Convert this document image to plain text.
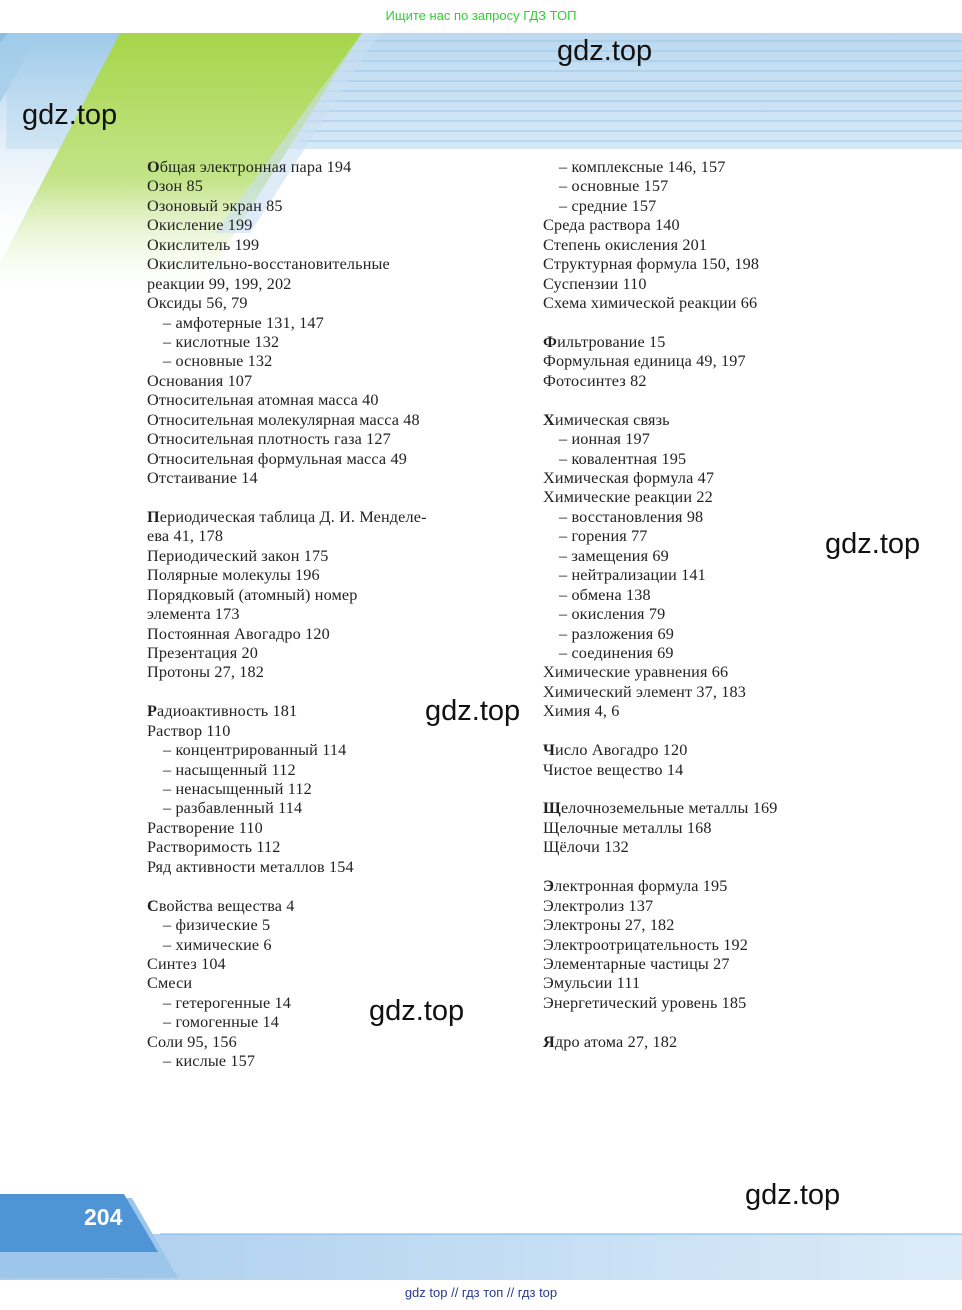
Ищите нас по запросу ГДЗ ТОП
gdz.top
gdz.top
gdz.top
gdz.top
gdz.top
gdz.top
Общая электронная пара 194
Озон 85
Озоновый экран 85
Окисление 199
Окислитель 199
Окислительно-восстановительные
реакции 99, 199, 202
Оксиды 56, 79
– амфотерные 131, 147
– кислотные 132
– основные 132
Основания 107
Относительная атомная масса 40
Относительная молекулярная масса 48
Относительная плотность газа 127
Относительная формульная масса 49
Отстаивание 14
Периодическая таблица Д. И. Менделе-
ева 41, 178
Периодический закон 175
Полярные молекулы 196
Порядковый (атомный) номер
элемента 173
Постоянная Авогадро 120
Презентация 20
Протоны 27, 182
Радиоактивность 181
Раствор 110
– концентрированный 114
– насыщенный 112
– ненасыщенный 112
– разбавленный 114
Растворение 110
Растворимость 112
Ряд активности металлов 154
Свойства вещества 4
– физические 5
– химические 6
Синтез 104
Смеси
– гетерогенные 14
– гомогенные 14
Соли 95, 156
– кислые 157
– комплексные 146, 157
– основные 157
– средние 157
Среда раствора 140
Степень окисления 201
Структурная формула 150, 198
Суспензии 110
Схема химической реакции 66
Фильтрование 15
Формульная единица 49, 197
Фотосинтез 82
Химическая связь
– ионная 197
– ковалентная 195
Химическая формула 47
Химические реакции 22
– восстановления 98
– горения 77
– замещения 69
– нейтрализации 141
– обмена 138
– окисления 79
– разложения 69
– соединения 69
Химические уравнения 66
Химический элемент 37, 183
Химия 4, 6
Число Авогадро 120
Чистое вещество 14
Щелочноземельные металлы 169
Щелочные металлы 168
Щёлочи 132
Электронная формула 195
Электролиз 137
Электроны 27, 182
Электроотрицательность 192
Элементарные частицы 27
Эмульсии 111
Энергетический уровень 185
Ядро атома 27, 182
204
gdz top // гдз топ // гдз top
